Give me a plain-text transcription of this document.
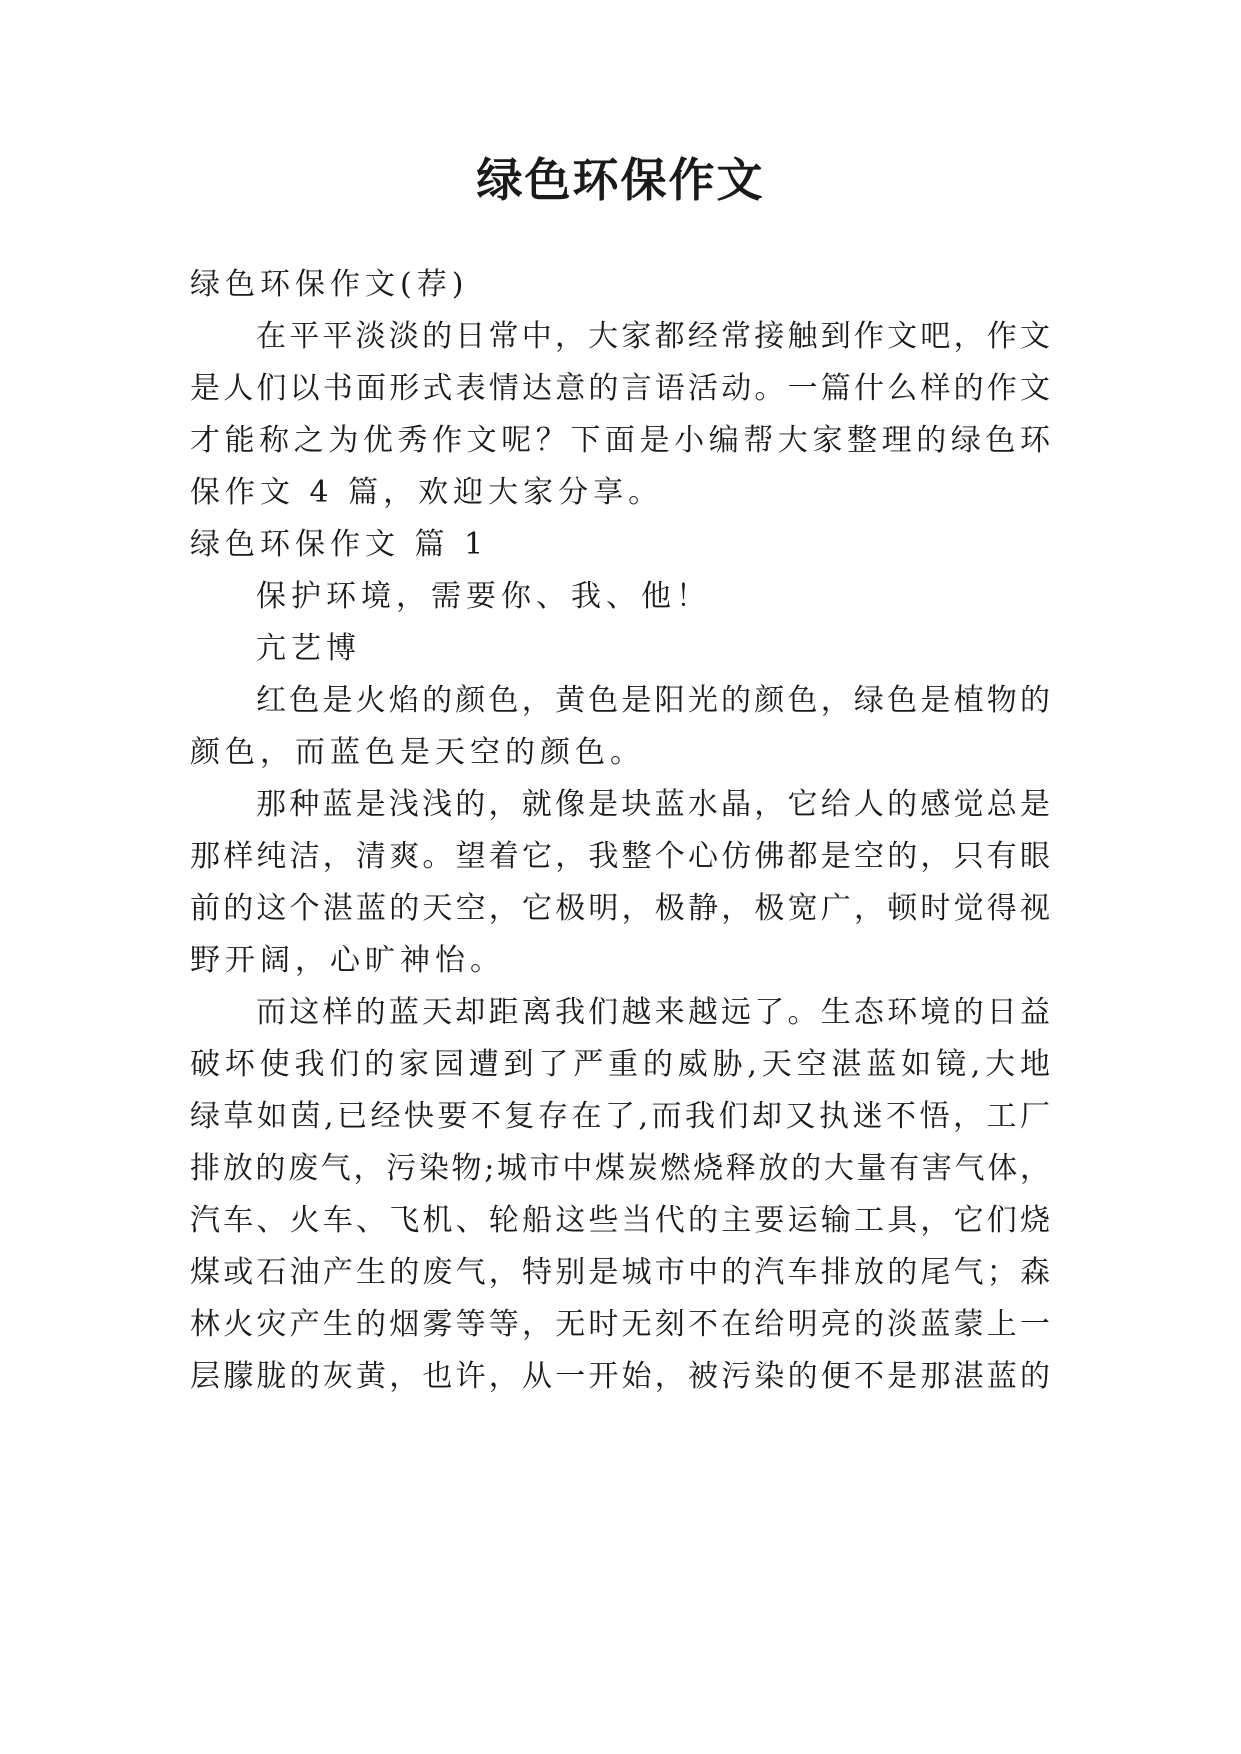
绿色环保作文
绿色环保作文(荐)
在平平淡淡的日常中，大家都经常接触到作文吧，作文
是人们以书面形式表情达意的言语活动。一篇什么样的作文
才能称之为优秀作文呢？下面是小编帮大家整理的绿色环
保作文 4 篇，欢迎大家分享。
绿色环保作文 篇 1
保护环境，需要你、我、他！
亢艺博
红色是火焰的颜色，黄色是阳光的颜色，绿色是植物的
颜色，而蓝色是天空的颜色。
那种蓝是浅浅的，就像是块蓝水晶，它给人的感觉总是
那样纯洁，清爽。望着它，我整个心仿佛都是空的，只有眼
前的这个湛蓝的天空，它极明，极静，极宽广，顿时觉得视
野开阔，心旷神怡。
而这样的蓝天却距离我们越来越远了。生态环境的日益
破坏使我们的家园遭到了严重的威胁,天空湛蓝如镜,大地
绿草如茵,已经快要不复存在了,而我们却又执迷不悟，工厂
排放的废气，污染物;城市中煤炭燃烧释放的大量有害气体，
汽车、火车、飞机、轮船这些当代的主要运输工具，它们烧
煤或石油产生的废气，特别是城市中的汽车排放的尾气；森
林火灾产生的烟雾等等，无时无刻不在给明亮的淡蓝蒙上一
层朦胧的灰黄，也许，从一开始，被污染的便不是那湛蓝的
